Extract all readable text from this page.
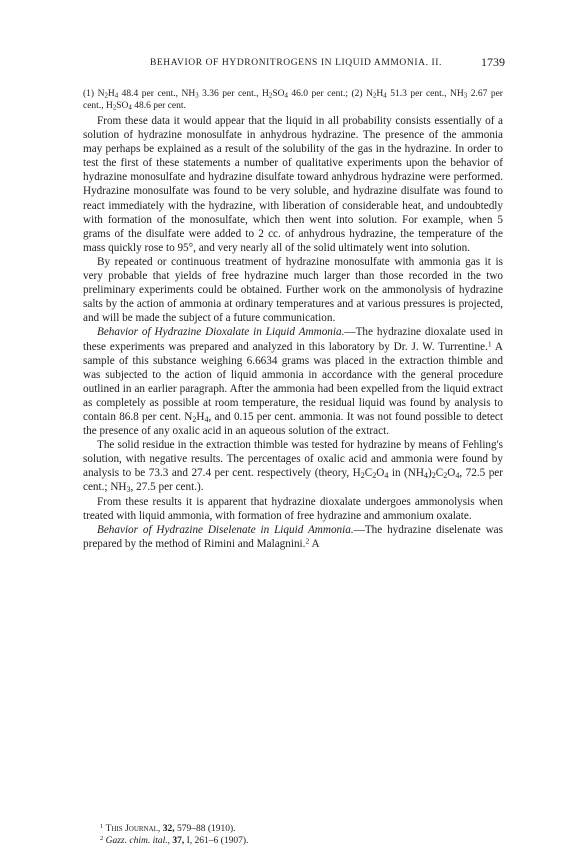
BEHAVIOR OF HYDRONITROGENS IN LIQUID AMMONIA. II.	1739

(1) $N_2H_4$ 48.4 per cent., $NH_3$ 3.36 per cent., $H_2SO_4$ 46.0 per cent.; (2) $N_2H_4$ 51.3 per cent., $NH_3$ 2.67 per cent., $H_2SO_4$ 48.6 per cent.

From these data it would appear that the liquid in all probability consists essentially of a solution of hydrazine monosulfate in anhydrous hydrazine. The presence of the ammonia may perhaps be explained as a result of the solubility of the gas in the hydrazine. In order to test the first of these statements a number of qualitative experiments upon the behavior of hydrazine monosulfate and hydrazine disulfate toward anhydrous hydrazine were performed. Hydrazine monosulfate was found to be very soluble, and hydrazine disulfate was found to react immediately with the hydrazine, with liberation of considerable heat, and undoubtedly with formation of the monosulfate, which then went into solution. For example, when 5 grams of the disulfate were added to 2 cc. of anhydrous hydrazine, the temperature of the mass quickly rose to 95°, and very nearly all of the solid ultimately went into solution.

By repeated or continuous treatment of hydrazine monosulfate with ammonia gas it is very probable that yields of free hydrazine much larger than those recorded in the two preliminary experiments could be obtained. Further work on the ammonolysis of hydrazine salts by the action of ammonia at ordinary temperatures and at various pressures is projected, and will be made the subject of a future communication.

Behavior of Hydrazine Dioxalate in Liquid Ammonia.—The hydrazine dioxalate used in these experiments was prepared and analyzed in this laboratory by Dr. J. W. Turrentine.$^1$ A sample of this substance weighing 6.6634 grams was placed in the extraction thimble and was subjected to the action of liquid ammonia in accordance with the general procedure outlined in an earlier paragraph. After the ammonia had been expelled from the liquid extract as completely as possible at room temperature, the residual liquid was found by analysis to contain 86.8 per cent. $N_2H_4$, and 0.15 per cent. ammonia. It was not found possible to detect the presence of any oxalic acid in an aqueous solution of the extract.

The solid residue in the extraction thimble was tested for hydrazine by means of Fehling's solution, with negative results. The percentages of oxalic acid and ammonia were found by analysis to be 73.3 and 27.4 per cent. respectively (theory, $H_2C_2O_4$ in $(NH_4)_2C_2O_4$, 72.5 per cent.; $NH_3$, 27.5 per cent.).

From these results it is apparent that hydrazine dioxalate undergoes ammonolysis when treated with liquid ammonia, with formation of free hydrazine and ammonium oxalate.

Behavior of Hydrazine Diselenate in Liquid Ammonia.—The hydrazine diselenate was prepared by the method of Rimini and Malagnini.$^2$ A

$^1$ This Journal, 32, 579–88 (1910).
$^2$ Gazz. chim. ital., 37, I, 261–6 (1907).
